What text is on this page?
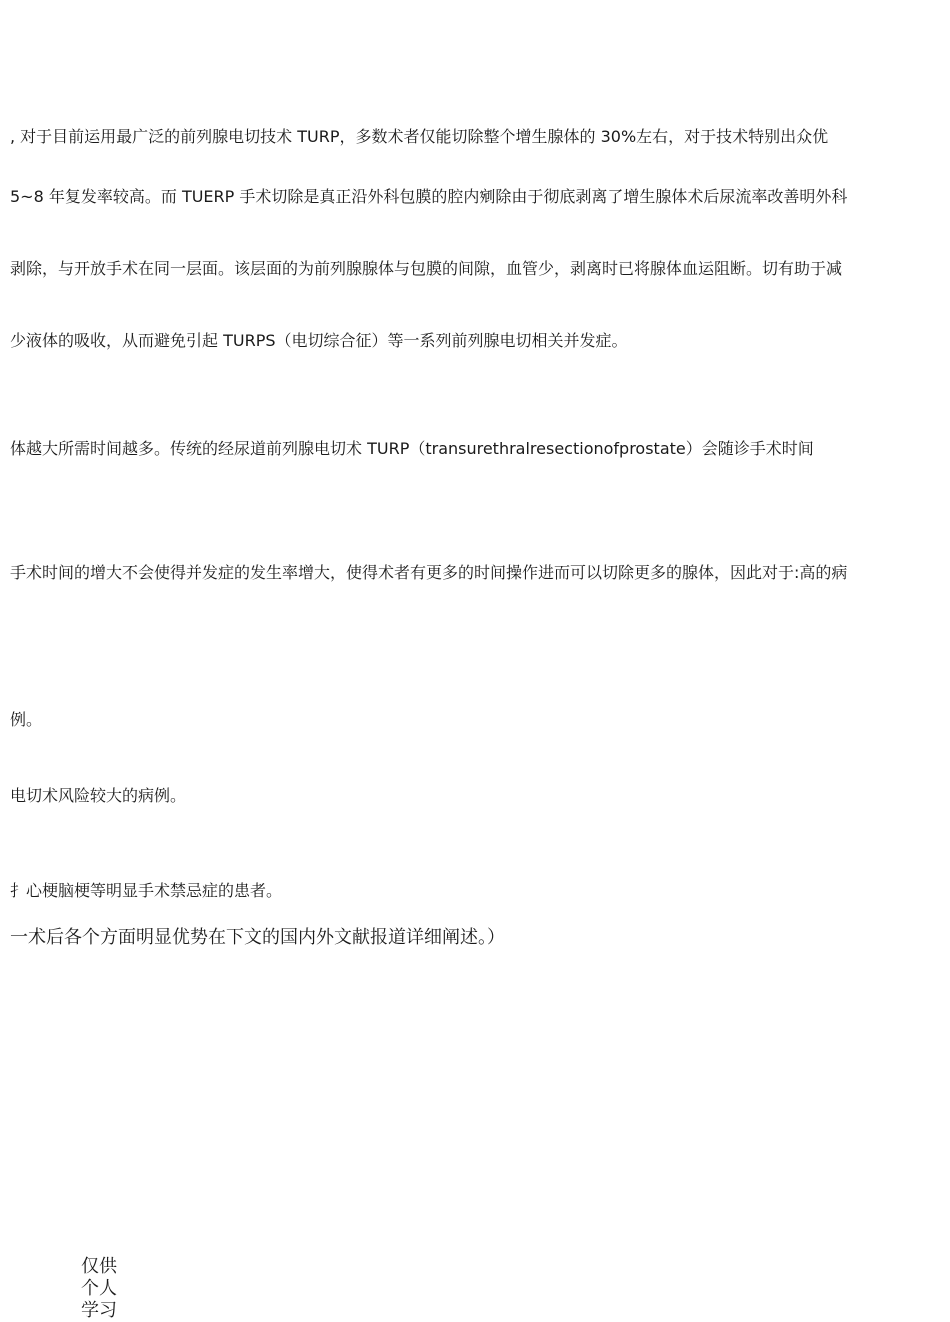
, 对于目前运用最广泛的前列腺电切技术 TURP，多数术者仅能切除整个增生腺体的 30%左右，对于技术特别出众优
5~8 年复发率较高。而 TUERP 手术切除是真正沿外科包膜的腔内剜除由于彻底剥离了增生腺体术后尿流率改善明外科
剥除，与开放手术在同一层面。该层面的为前列腺腺体与包膜的间隙，血管少，剥离时已将腺体血运阻断。切有助于减
少液体的吸收，从而避免引起 TURPS（电切综合征）等一系列前列腺电切相关并发症。
体越大所需时间越多。传统的经尿道前列腺电切术 TURP（transurethralresectionofprostate）会随诊手术时间
手术时间的增大不会使得并发症的发生率增大，使得术者有更多的时间操作进而可以切除更多的腺体，因此对于:高的病
例。
电切术风险较大的病例。
扌心梗脑梗等明显手术禁忌症的患者。
一术后各个方面明显优势在下文的国内外文献报道详细阐述。）
仅供个人学习
